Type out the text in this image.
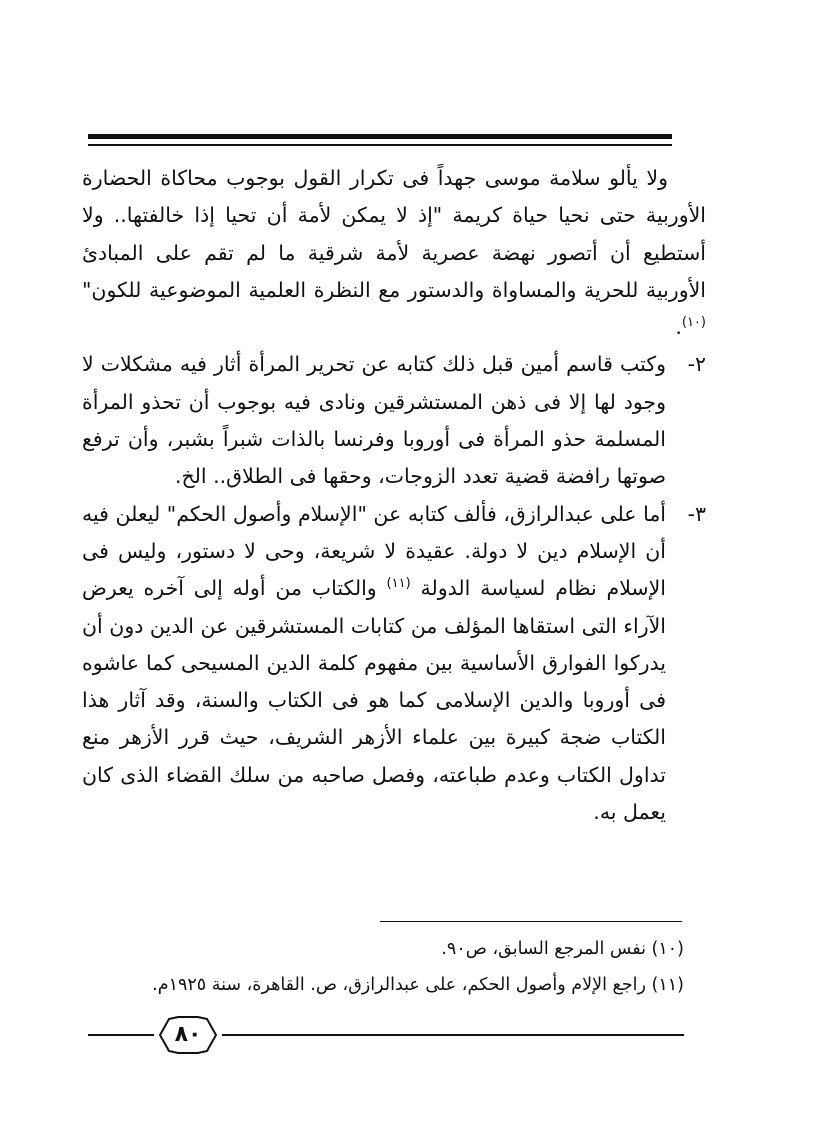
ولا يألو سلامة موسى جهداً فى تكرار القول بوجوب محاكاة الحضارة الأوربية حتى نحيا حياة كريمة "إذ لا يمكن لأمة أن تحيا إذا خالفتها.. ولا أستطيع أن أتصور نهضة عصرية لأمة شرقية ما لم تقم على المبادئ الأوربية للحرية والمساواة والدستور مع النظرة العلمية الموضوعية للكون"$^{(١٠)}$.

٢-

وكتب قاسم أمين قبل ذلك كتابه عن تحرير المرأة أثار فيه مشكلات لا وجود لها إلا فى ذهن المستشرقين ونادى فيه بوجوب أن تحذو المرأة المسلمة حذو المرأة فى أوروبا وفرنسا بالذات شبراً بشبر، وأن ترفع صوتها رافضة قضية تعدد الزوجات، وحقها فى الطلاق.. الخ.

٣-

أما على عبدالرازق، فألف كتابه عن "الإسلام وأصول الحكم" ليعلن فيه أن الإسلام دين لا دولة. عقيدة لا شريعة، وحى لا دستور، وليس فى الإسلام نظام لسياسة الدولة $^{(١١)}$ والكتاب من أوله إلى آخره يعرض الآراء التى استقاها المؤلف من كتابات المستشرقين عن الدين دون أن يدركوا الفوارق الأساسية بين مفهوم كلمة الدين المسيحى كما عاشوه فى أوروبا والدين الإسلامى كما هو فى الكتاب والسنة، وقد آثار هذا الكتاب ضجة كبيرة بين علماء الأزهر الشريف، حيث قرر الأزهر منع تداول الكتاب وعدم طباعته، وفصل صاحبه من سلك القضاء الذى كان يعمل به.

(١٠) نفس المرجع السابق، ص٩٠.

(١١) راجع الإلام وأصول الحكم، على عبدالرازق، ص. القاهرة، سنة ١٩٢٥م.

٨٠
